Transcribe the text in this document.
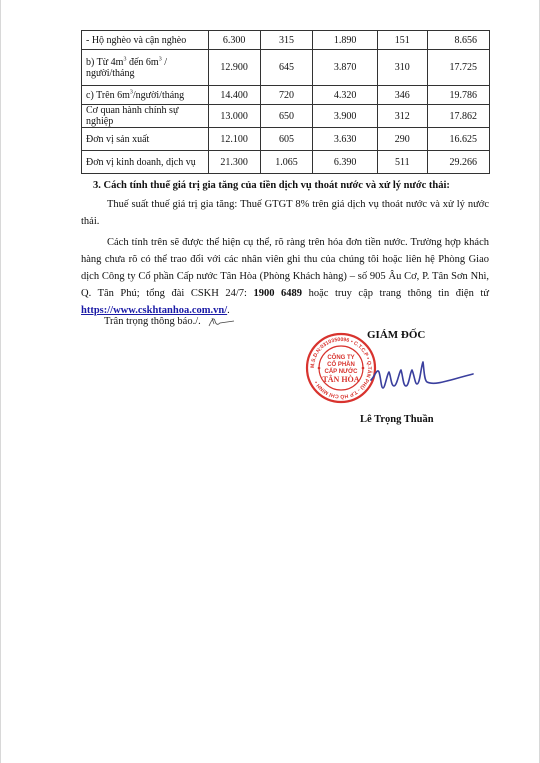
- Hộ nghèo và cận nghèo	6.300	315	1.890	151	8.656
b) Từ $4m^3$ đến $6m^3$ /
người/tháng	12.900	645	3.870	310	17.725
c) Trên $6m^3/người$/tháng	14.400	720	4.320	346	19.786
Cơ quan hành chính sự nghiệp	13.000	650	3.900	312	17.862
Đơn vị sản xuất	12.100	605	3.630	290	16.625
Đơn vị kinh doanh, dịch vụ	21.300	1.065	6.390	511	29.266
3. Cách tính thuế giá trị gia tăng của tiền dịch vụ thoát nước và xử lý nước thải:

Thuế suất thuế giá trị gia tăng: Thuế GTGT 8% trên giá dịch vụ thoát nước và xử lý nước thải.

Cách tính trên sẽ được thể hiện cụ thể, rõ ràng trên hóa đơn tiền nước. Trường hợp khách hàng chưa rõ có thể trao đổi với các nhân viên ghi thu của chúng tôi hoặc liên hệ Phòng Giao dịch Công ty Cổ phần Cấp nước Tân Hòa (Phòng Khách hàng) – số 905 Âu Cơ, P. Tân Sơn Nhì, Q. Tân Phú; tổng đài CSKH 24/7: 1900 6489 hoặc truy cập trang thông tin điện tử https://www.cskhtanhoa.com.vn/.

Trân trọng thông báo./.
GIÁM ĐỐC
M.S.D.N:0310350096 • C.T.C.P • Q.TÂN PHÚ - T.P HỒ CHÍ MINH •
CÔNG TY
CỔ PHẦN
CẤP NƯỚC
TÂN HÒA
Lê Trọng Thuần
